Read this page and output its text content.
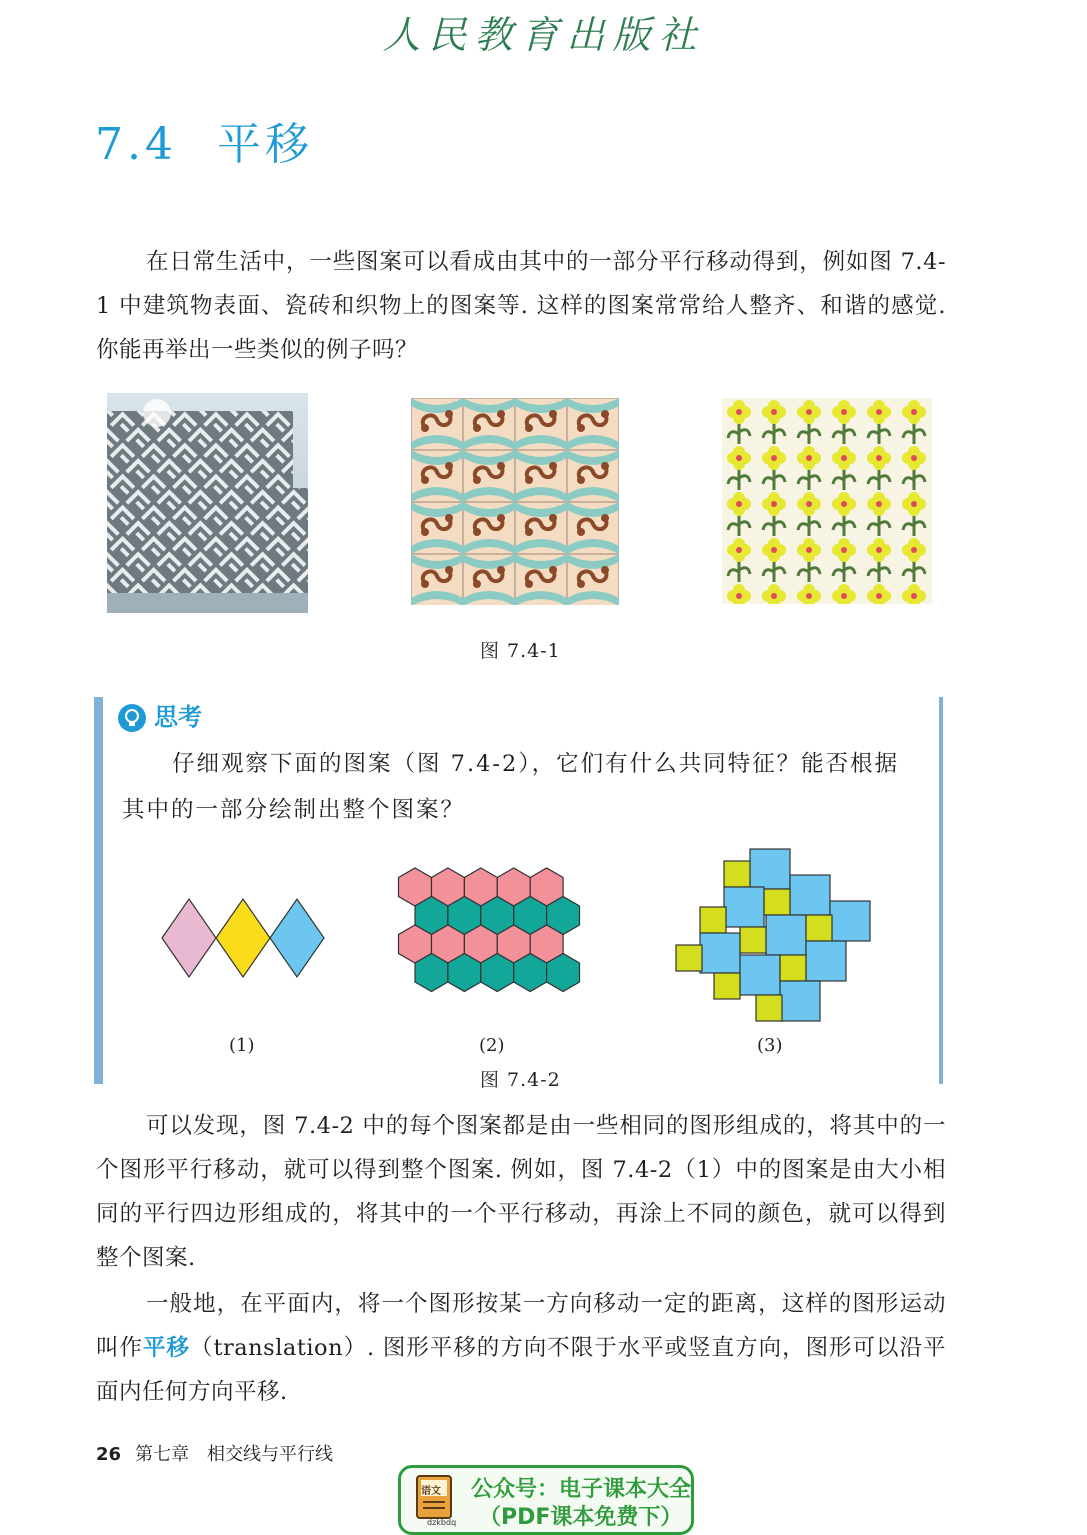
人民教育出版社
7.4 平移
在日常生活中，一些图案可以看成由其中的一部分平行移动得到，例如图 7.4-1 中建筑物表面、瓷砖和织物上的图案等. 这样的图案常常给人整齐、和谐的感觉. 你能再举出一些类似的例子吗？
图 7.4-1
思考
仔细观察下面的图案（图 7.4-2），它们有什么共同特征？能否根据其中的一部分绘制出整个图案？
(1)	(2)	(3)
图 7.4-2
可以发现，图 7.4-2 中的每个图案都是由一些相同的图形组成的，将其中的一个图形平行移动，就可以得到整个图案. 例如，图 7.4-2（1）中的图案是由大小相同的平行四边形组成的，将其中的一个平行移动，再涂上不同的颜色，就可以得到整个图案.
一般地，在平面内，将一个图形按某一方向移动一定的距离，这样的图形运动叫作平移（translation）. 图形平移的方向不限于水平或竖直方向，图形可以沿平面内任何方向平移.
26 第七章　相交线与平行线
语文
dzkbdq
公众号：电子课本大全
（PDF课本免费下）
